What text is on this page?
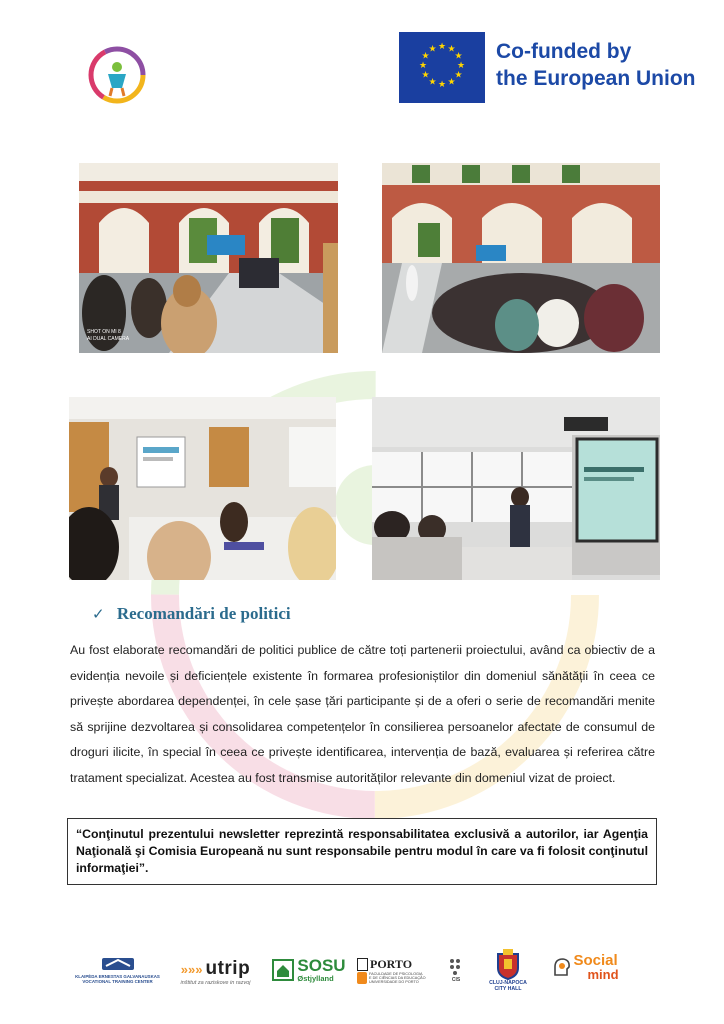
★ ★
★
★
★
★
★
★
★
★
★
★	Co-funded by
the European Union
SHOT ON MI 8
AI DUAL CAMERA
✓ Recomandări de politici
Au fost elaborate recomandări de politici publice de către toți partenerii proiectului, având ca obiectiv de a evidenția nevoile și deficiențele existente în formarea profesioniștilor din domeniul sănătății în ceea ce privește abordarea dependenței, în cele șase țări participante și de a oferi o serie de recomandări menite să sprijine dezvoltarea și consolidarea competențelor în consilierea persoanelor afectate de consumul de droguri ilicite, în special în ceea ce privește identificarea, intervenția de bază, evaluarea și referirea către tratament specializat. Acestea au fost transmise autorităților relevante din domeniul vizat de proiect.
“Conţinutul prezentului newsletter reprezintă responsabilitatea exclusivă a autorilor, iar Agenţia Naţională şi Comisia Europeană nu sunt responsabile pentru modul în care va fi folosit conţinutul informaţiei”.
KLAIPĖDA ERNESTAS GALVANAUSKAS
VOCATIONAL TRAINING CENTER
»»» utrip
inštitut za raziskove in razvoj
SOSU
Østjylland
PORTO
FACULDADE DE PSICOLOGIA
E DE CIÊNCIAS DA EDUCAÇÃO
UNIVERSIDADE DO PORTO	CIS	CLUJ-NAPOCA
CITY HALL
Social
mind
